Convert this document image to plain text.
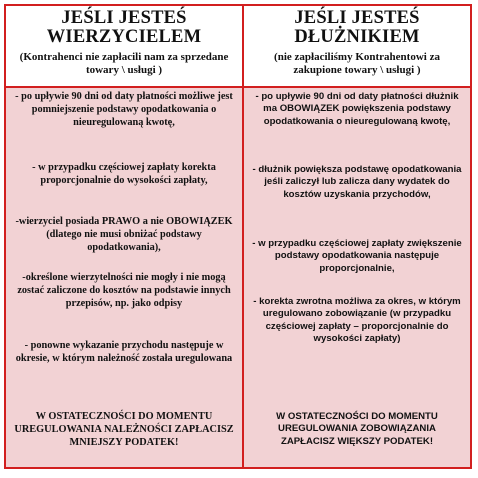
JEŚLI JESTEŚ
WIERZYCIELEM
(Kontrahenci nie zapłacili nam za sprzedane towary \ usługi )
JEŚLI JESTEŚ
DŁUŻNIKIEM
(nie zapłaciliśmy Kontrahentowi za zakupione towary \ usługi )
- po upływie 90 dni od daty płatności możliwe jest pomniejszenie podstawy opodatkowania o nieuregulowaną kwotę,
- w przypadku częściowej zapłaty korekta proporcjonalnie do wysokości zapłaty,
-wierzyciel posiada PRAWO a nie OBOWIĄZEK (dlatego nie musi obniżać podstawy opodatkowania),
-określone wierzytelności nie mogły i nie mogą zostać zaliczone do kosztów na podstawie innych przepisów, np. jako odpisy
- ponowne wykazanie przychodu następuje w okresie, w którym należność została uregulowana
W OSTATECZNOŚCI DO MOMENTU UREGULOWANIA NALEŻNOŚCI ZAPŁACISZ MNIEJSZY PODATEK!
- po upływie 90 dni od daty płatności dłużnik ma OBOWIĄZEK powiększenia podstawy opodatkowania o nieuregulowaną kwotę,
- dłużnik powiększa podstawę opodatkowania jeśli zaliczył lub zalicza dany wydatek do kosztów uzyskania przychodów,
- w przypadku częściowej zapłaty zwiększenie podstawy opodatkowania następuje proporcjonalnie,
- korekta zwrotna możliwa za okres, w którym uregulowano zobowiązanie (w przypadku częściowej zapłaty – proporcjonalnie do wysokości zapłaty)
W OSTATECZNOŚCI DO MOMENTU UREGULOWANIA ZOBOWIĄZANIA ZAPŁACISZ WIĘKSZY PODATEK!
